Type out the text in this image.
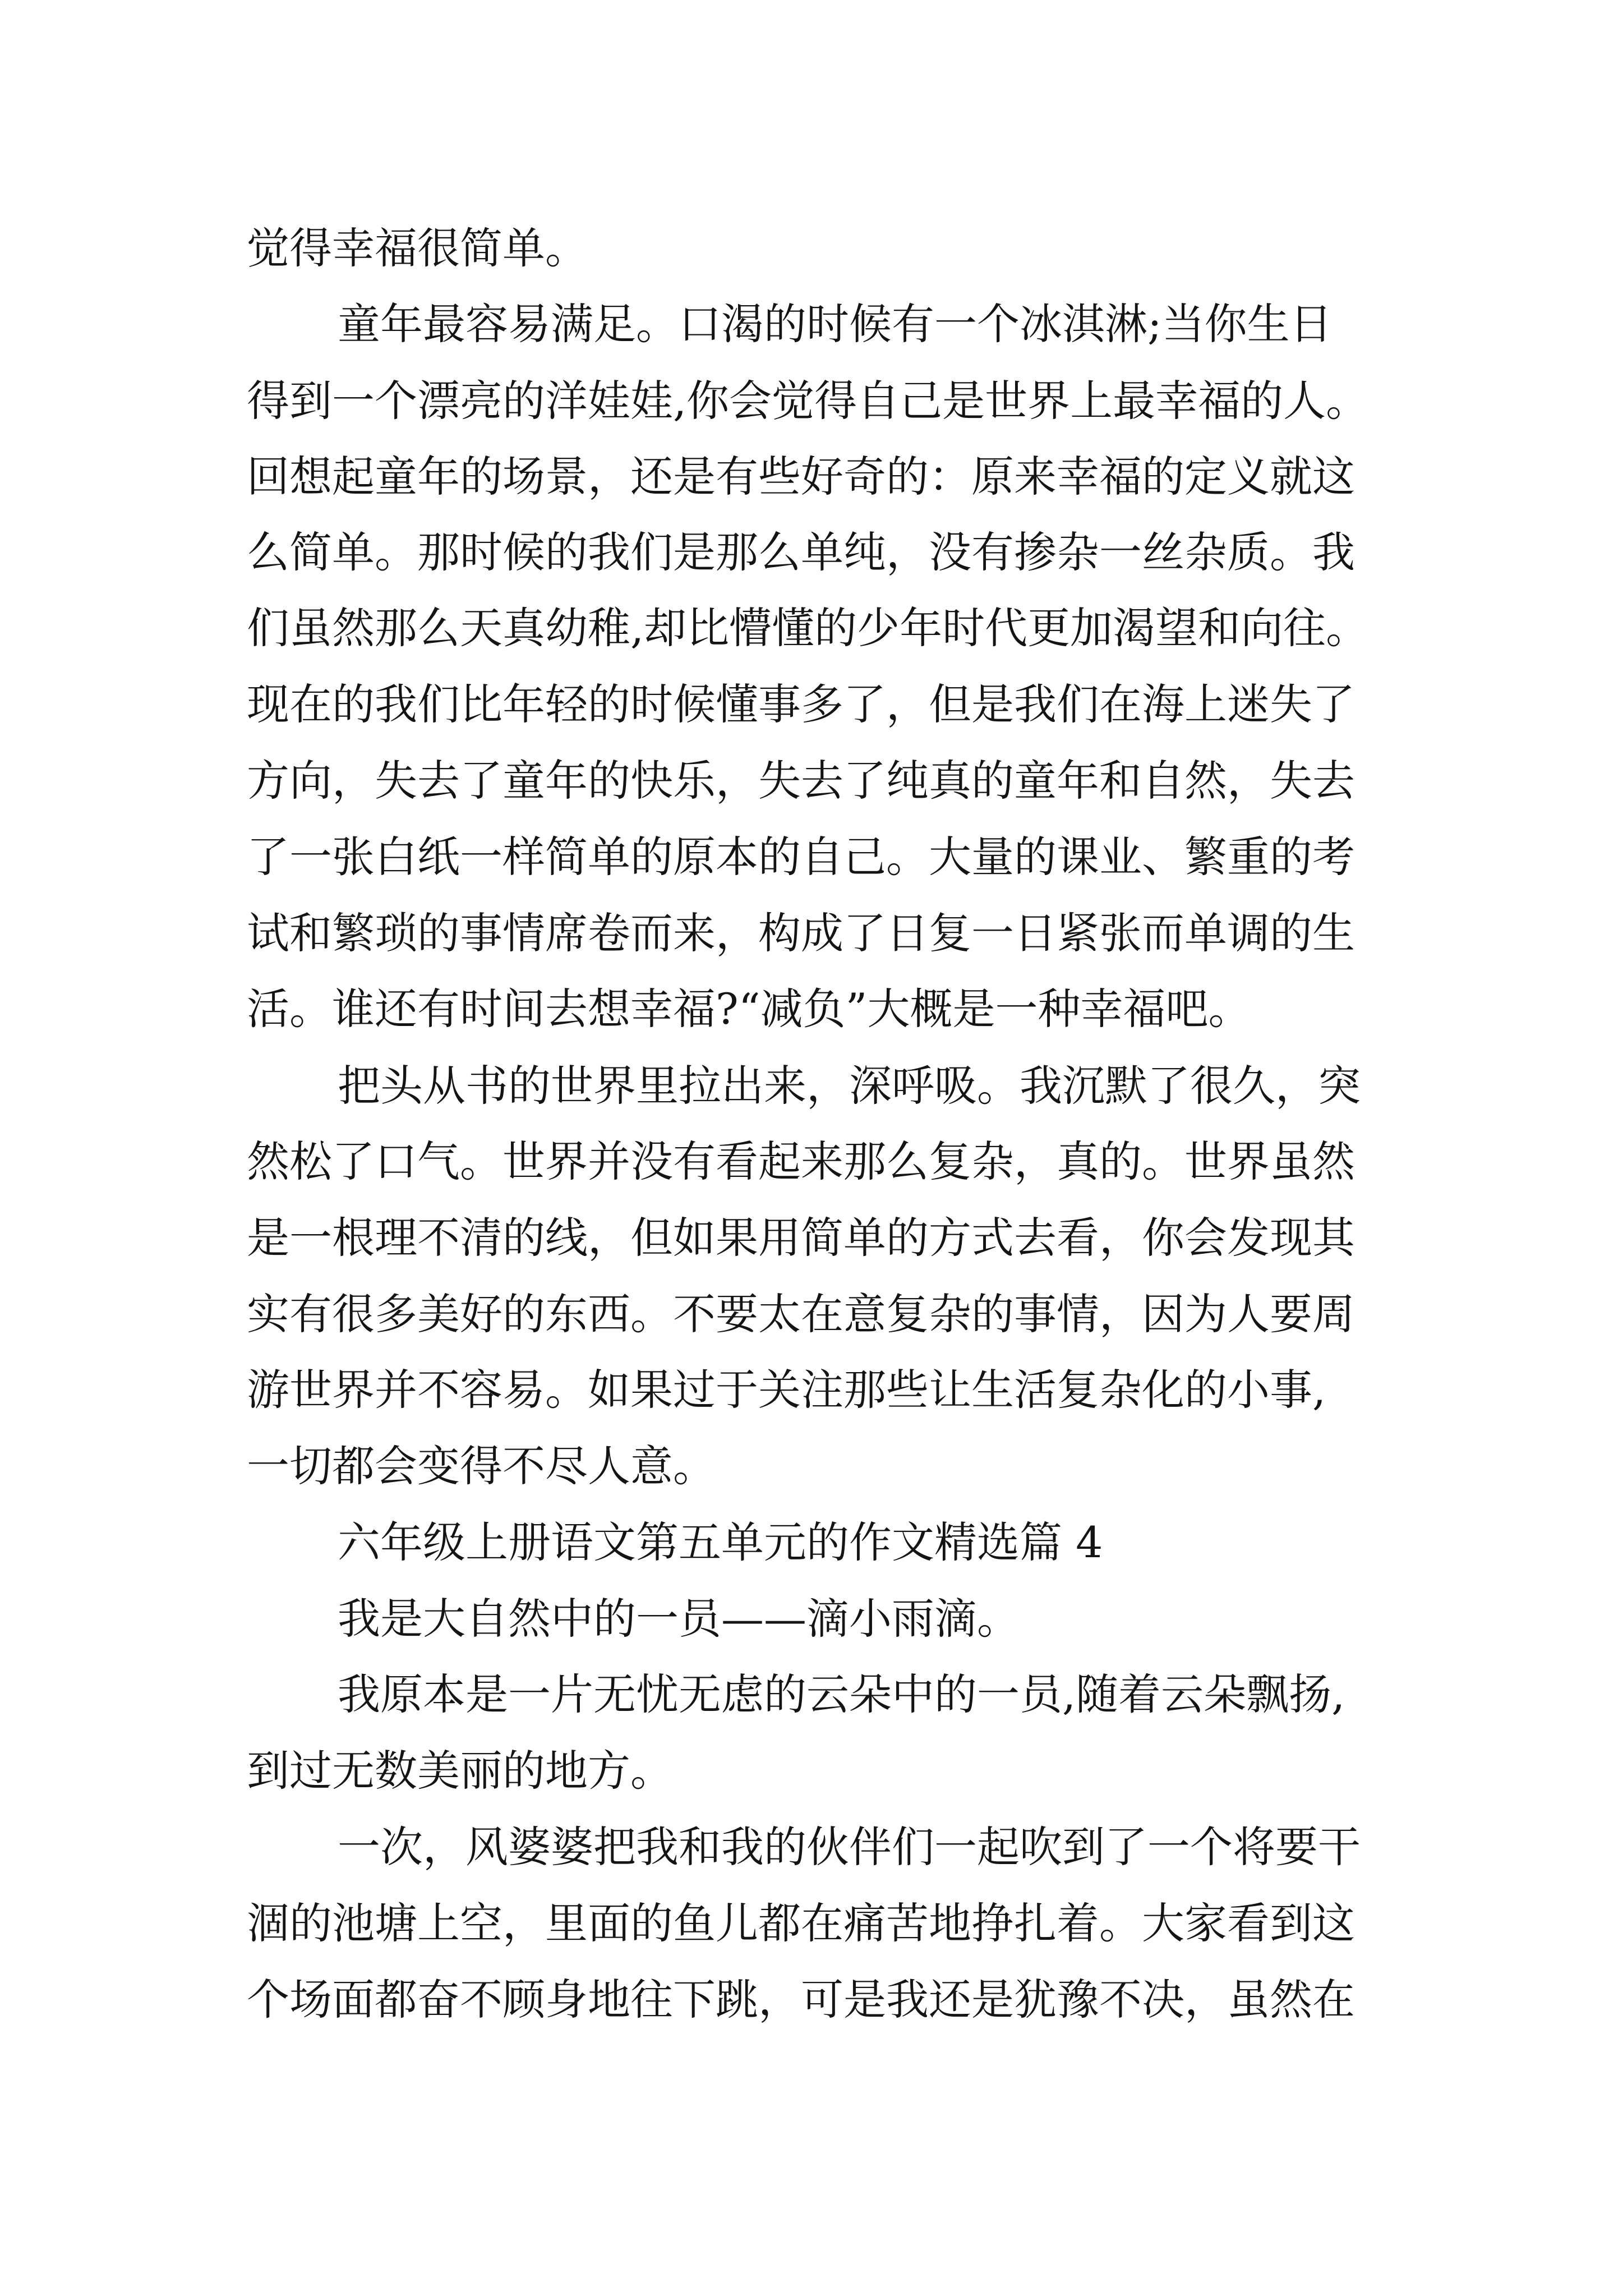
觉得幸福很简单。
童年最容易满足。口渴的时候有一个冰淇淋;当你生日
得到一个漂亮的洋娃娃,你会觉得自己是世界上最幸福的人。
回想起童年的场景，还是有些好奇的：原来幸福的定义就这
么简单。那时候的我们是那么单纯，没有掺杂一丝杂质。我
们虽然那么天真幼稚,却比懵懂的少年时代更加渴望和向往。
现在的我们比年轻的时候懂事多了，但是我们在海上迷失了
方向，失去了童年的快乐，失去了纯真的童年和自然，失去
了一张白纸一样简单的原本的自己。大量的课业、繁重的考
试和繁琐的事情席卷而来，构成了日复一日紧张而单调的生
活。谁还有时间去想幸福?“减负”大概是一种幸福吧。
把头从书的世界里拉出来，深呼吸。我沉默了很久，突
然松了口气。世界并没有看起来那么复杂，真的。世界虽然
是一根理不清的线，但如果用简单的方式去看，你会发现其
实有很多美好的东西。不要太在意复杂的事情，因为人要周
游世界并不容易。如果过于关注那些让生活复杂化的小事,
一切都会变得不尽人意。
六年级上册语文第五单元的作文精选篇 4
我是大自然中的一员——滴小雨滴。
我原本是一片无忧无虑的云朵中的一员,随着云朵飘扬,
到过无数美丽的地方。
一次，风婆婆把我和我的伙伴们一起吹到了一个将要干
涸的池塘上空，里面的鱼儿都在痛苦地挣扎着。大家看到这
个场面都奋不顾身地往下跳，可是我还是犹豫不决，虽然在
